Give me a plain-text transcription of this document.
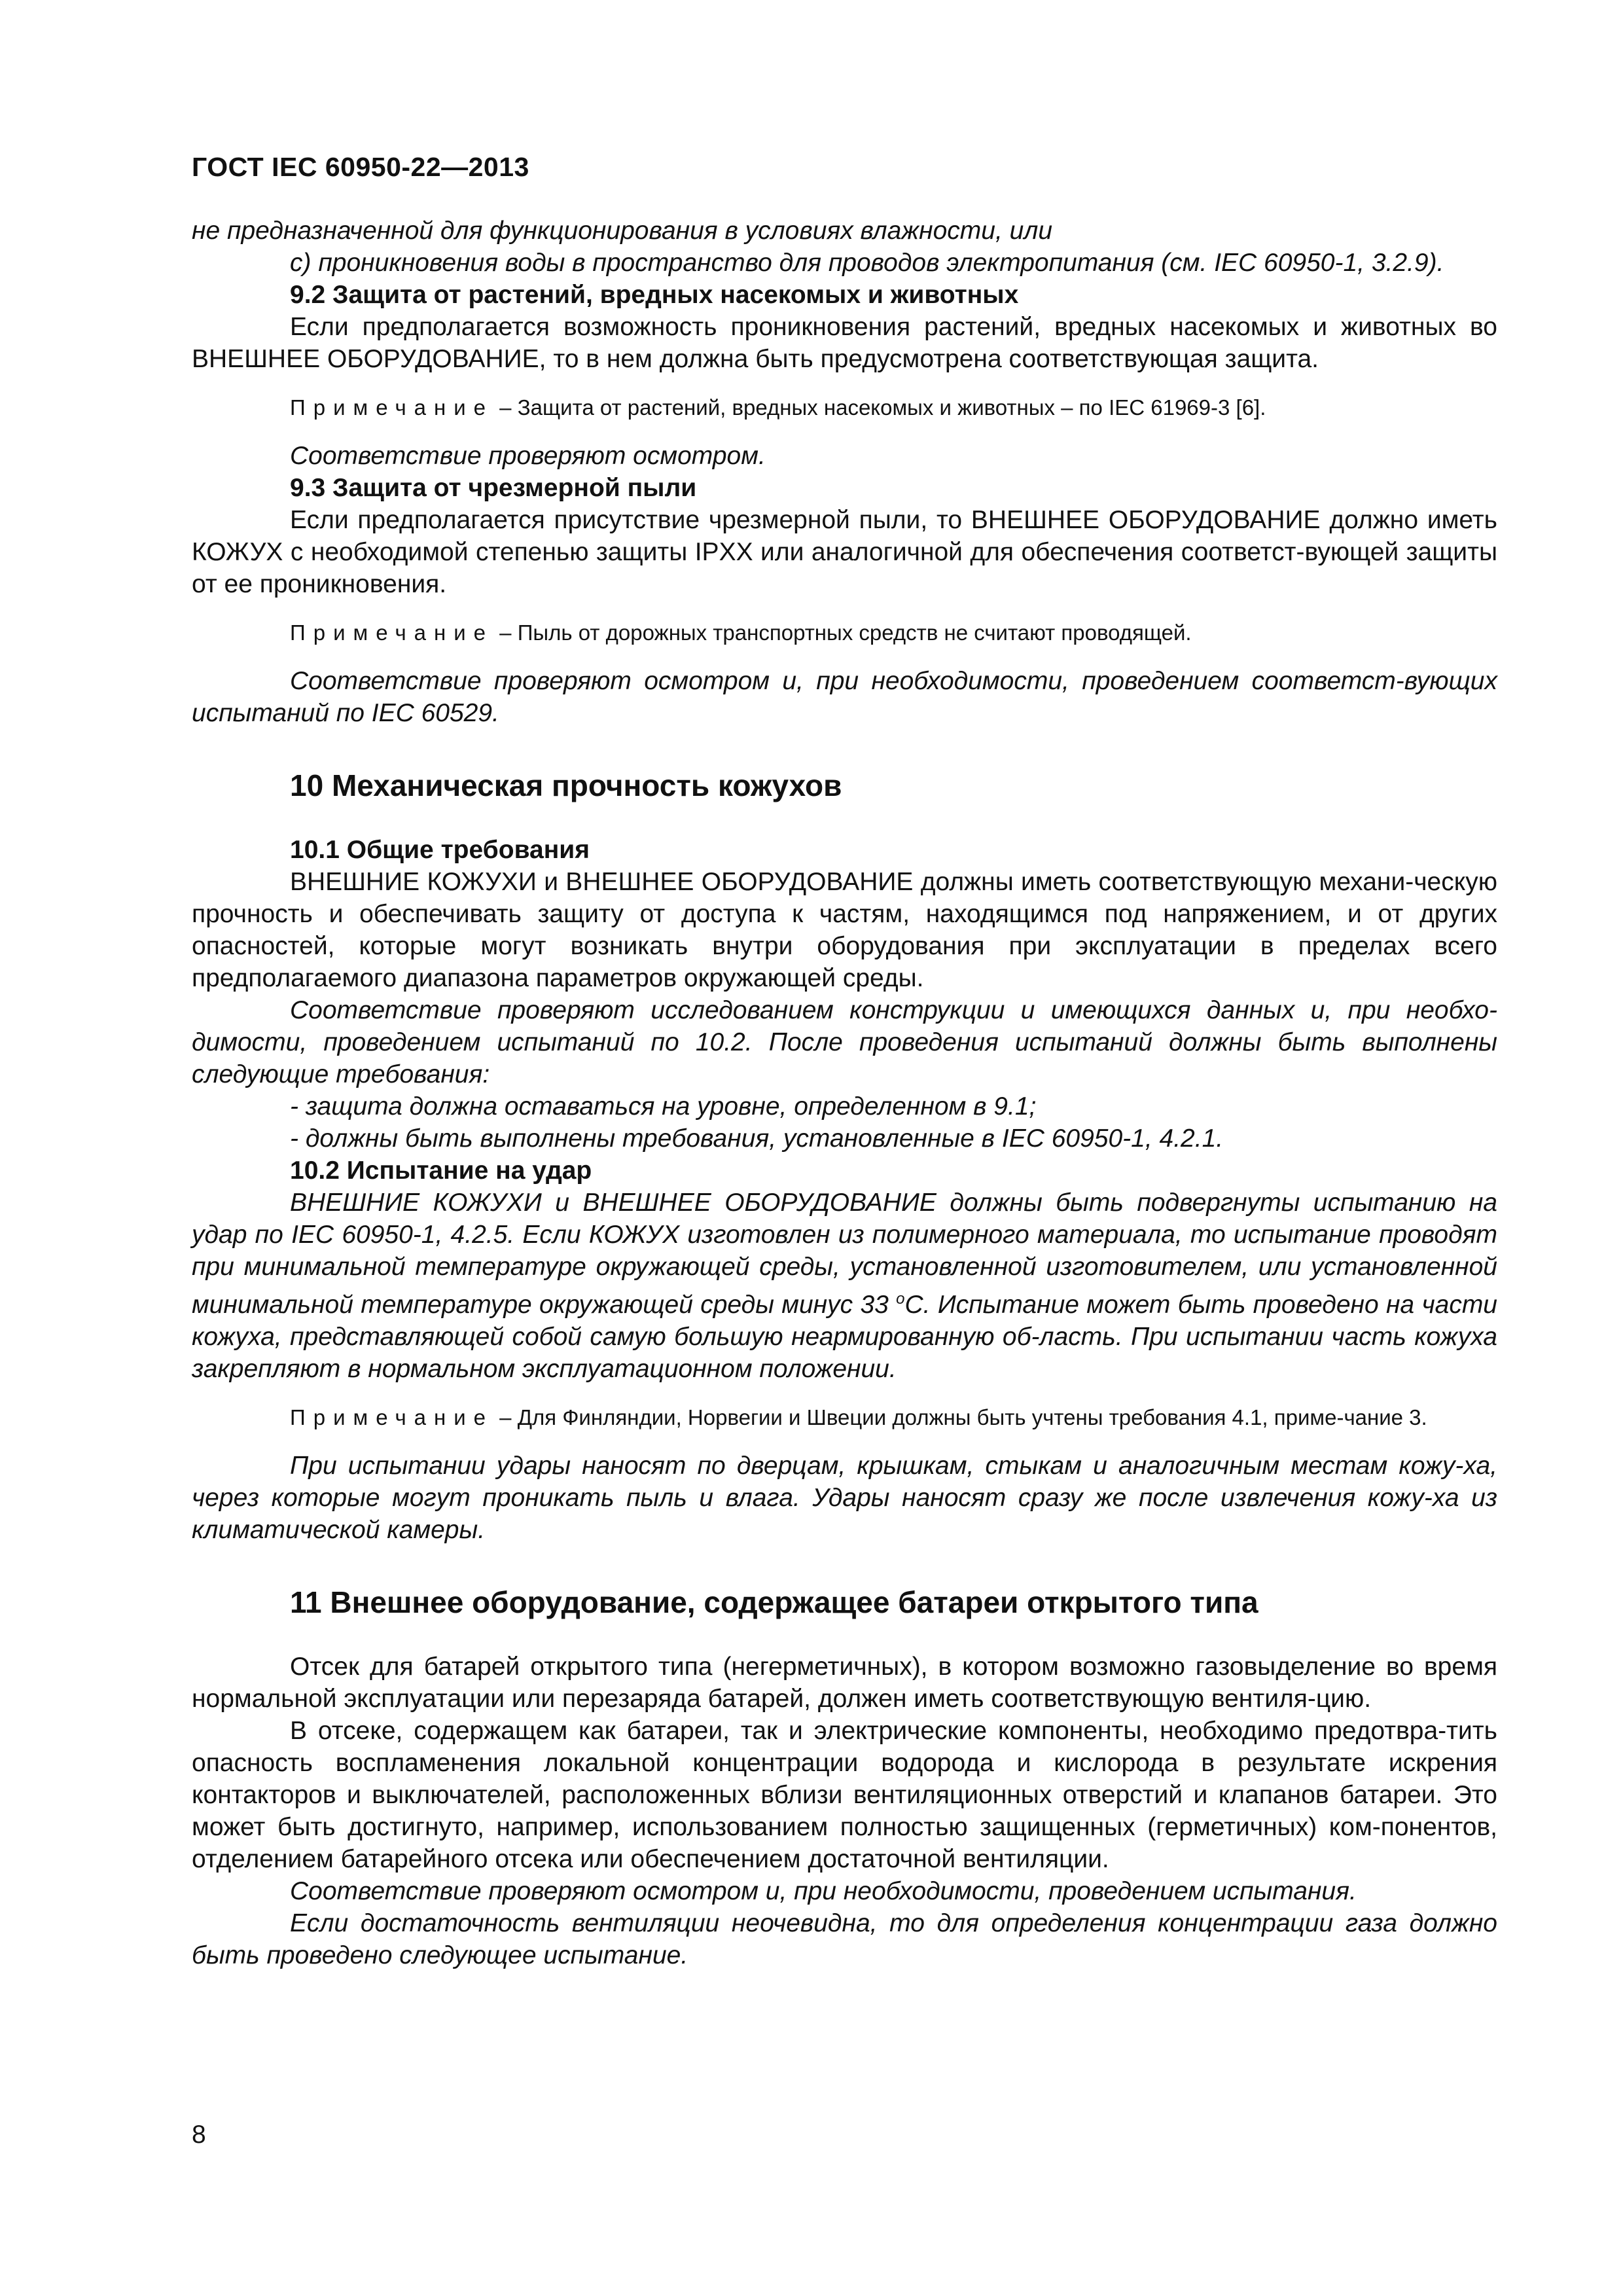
ГОСТ IEC 60950-22—2013

не предназначенной для функционирования в условиях влажности, или

c) проникновения воды в пространство для проводов электропитания (см. IEC 60950-1, 3.2.9).

9.2 Защита от растений, вредных насекомых и животных

Если предполагается возможность проникновения растений, вредных насекомых и животных во ВНЕШНЕЕ ОБОРУДОВАНИЕ, то в нем должна быть предусмотрена соответствующая защита.

Примечание – Защита от растений, вредных насекомых и животных – по IEC 61969-3 [6].

Соответствие проверяют осмотром.

9.3 Защита от чрезмерной пыли

Если предполагается присутствие чрезмерной пыли, то ВНЕШНЕЕ ОБОРУДОВАНИЕ должно иметь КОЖУХ с необходимой степенью защиты IPXX или аналогичной для обеспечения соответст-вующей защиты от ее проникновения.

Примечание – Пыль от дорожных транспортных средств не считают проводящей.

Соответствие проверяют осмотром и, при необходимости, проведением соответст-вующих испытаний по IEC 60529.

10 Механическая прочность кожухов

10.1 Общие требования

ВНЕШНИЕ КОЖУХИ и ВНЕШНЕЕ ОБОРУДОВАНИЕ должны иметь соответствующую механи-ческую прочность и обеспечивать защиту от доступа к частям, находящимся под напряжением, и от других опасностей, которые могут возникать внутри оборудования при эксплуатации в пределах всего предполагаемого диапазона параметров окружающей среды.

Соответствие проверяют исследованием конструкции и имеющихся данных и, при необхо-димости, проведением испытаний по 10.2. После проведения испытаний должны быть выполнены следующие требования:

- защита должна оставаться на уровне, определенном в 9.1;

- должны быть выполнены требования, установленные в IEC 60950-1, 4.2.1.

10.2 Испытание на удар

ВНЕШНИЕ КОЖУХИ и ВНЕШНЕЕ ОБОРУДОВАНИЕ должны быть подвергнуты испытанию на удар по IEC 60950-1, 4.2.5. Если КОЖУХ изготовлен из полимерного материала, то испытание проводят при минимальной температуре окружающей среды, установленной изготовителем, или установленной минимальной температуре окружающей среды минус 33 $^o$C. Испытание может быть проведено на части кожуха, представляющей собой самую большую неармированную об-ласть. При испытании часть кожуха закрепляют в нормальном эксплуатационном положении.

Примечание – Для Финляндии, Норвегии и Швеции должны быть учтены требования 4.1, приме-чание 3.

При испытании удары наносят по дверцам, крышкам, стыкам и аналогичным местам кожу-ха, через которые могут проникать пыль и влага. Удары наносят сразу же после извлечения кожу-ха из климатической камеры.

11 Внешнее оборудование, содержащее батареи открытого типа

Отсек для батарей открытого типа (негерметичных), в котором возможно газовыделение во время нормальной эксплуатации или перезаряда батарей, должен иметь соответствующую вентиля-цию.

В отсеке, содержащем как батареи, так и электрические компоненты, необходимо предотвра-тить опасность воспламенения локальной концентрации водорода и кислорода в результате искрения контакторов и выключателей, расположенных вблизи вентиляционных отверстий и клапанов батареи. Это может быть достигнуто, например, использованием полностью защищенных (герметичных) ком-понентов, отделением батарейного отсека или обеспечением достаточной вентиляции.

Соответствие проверяют осмотром и, при необходимости, проведением испытания.

Если достаточность вентиляции неочевидна, то для определения концентрации газа должно быть проведено следующее испытание.

8
